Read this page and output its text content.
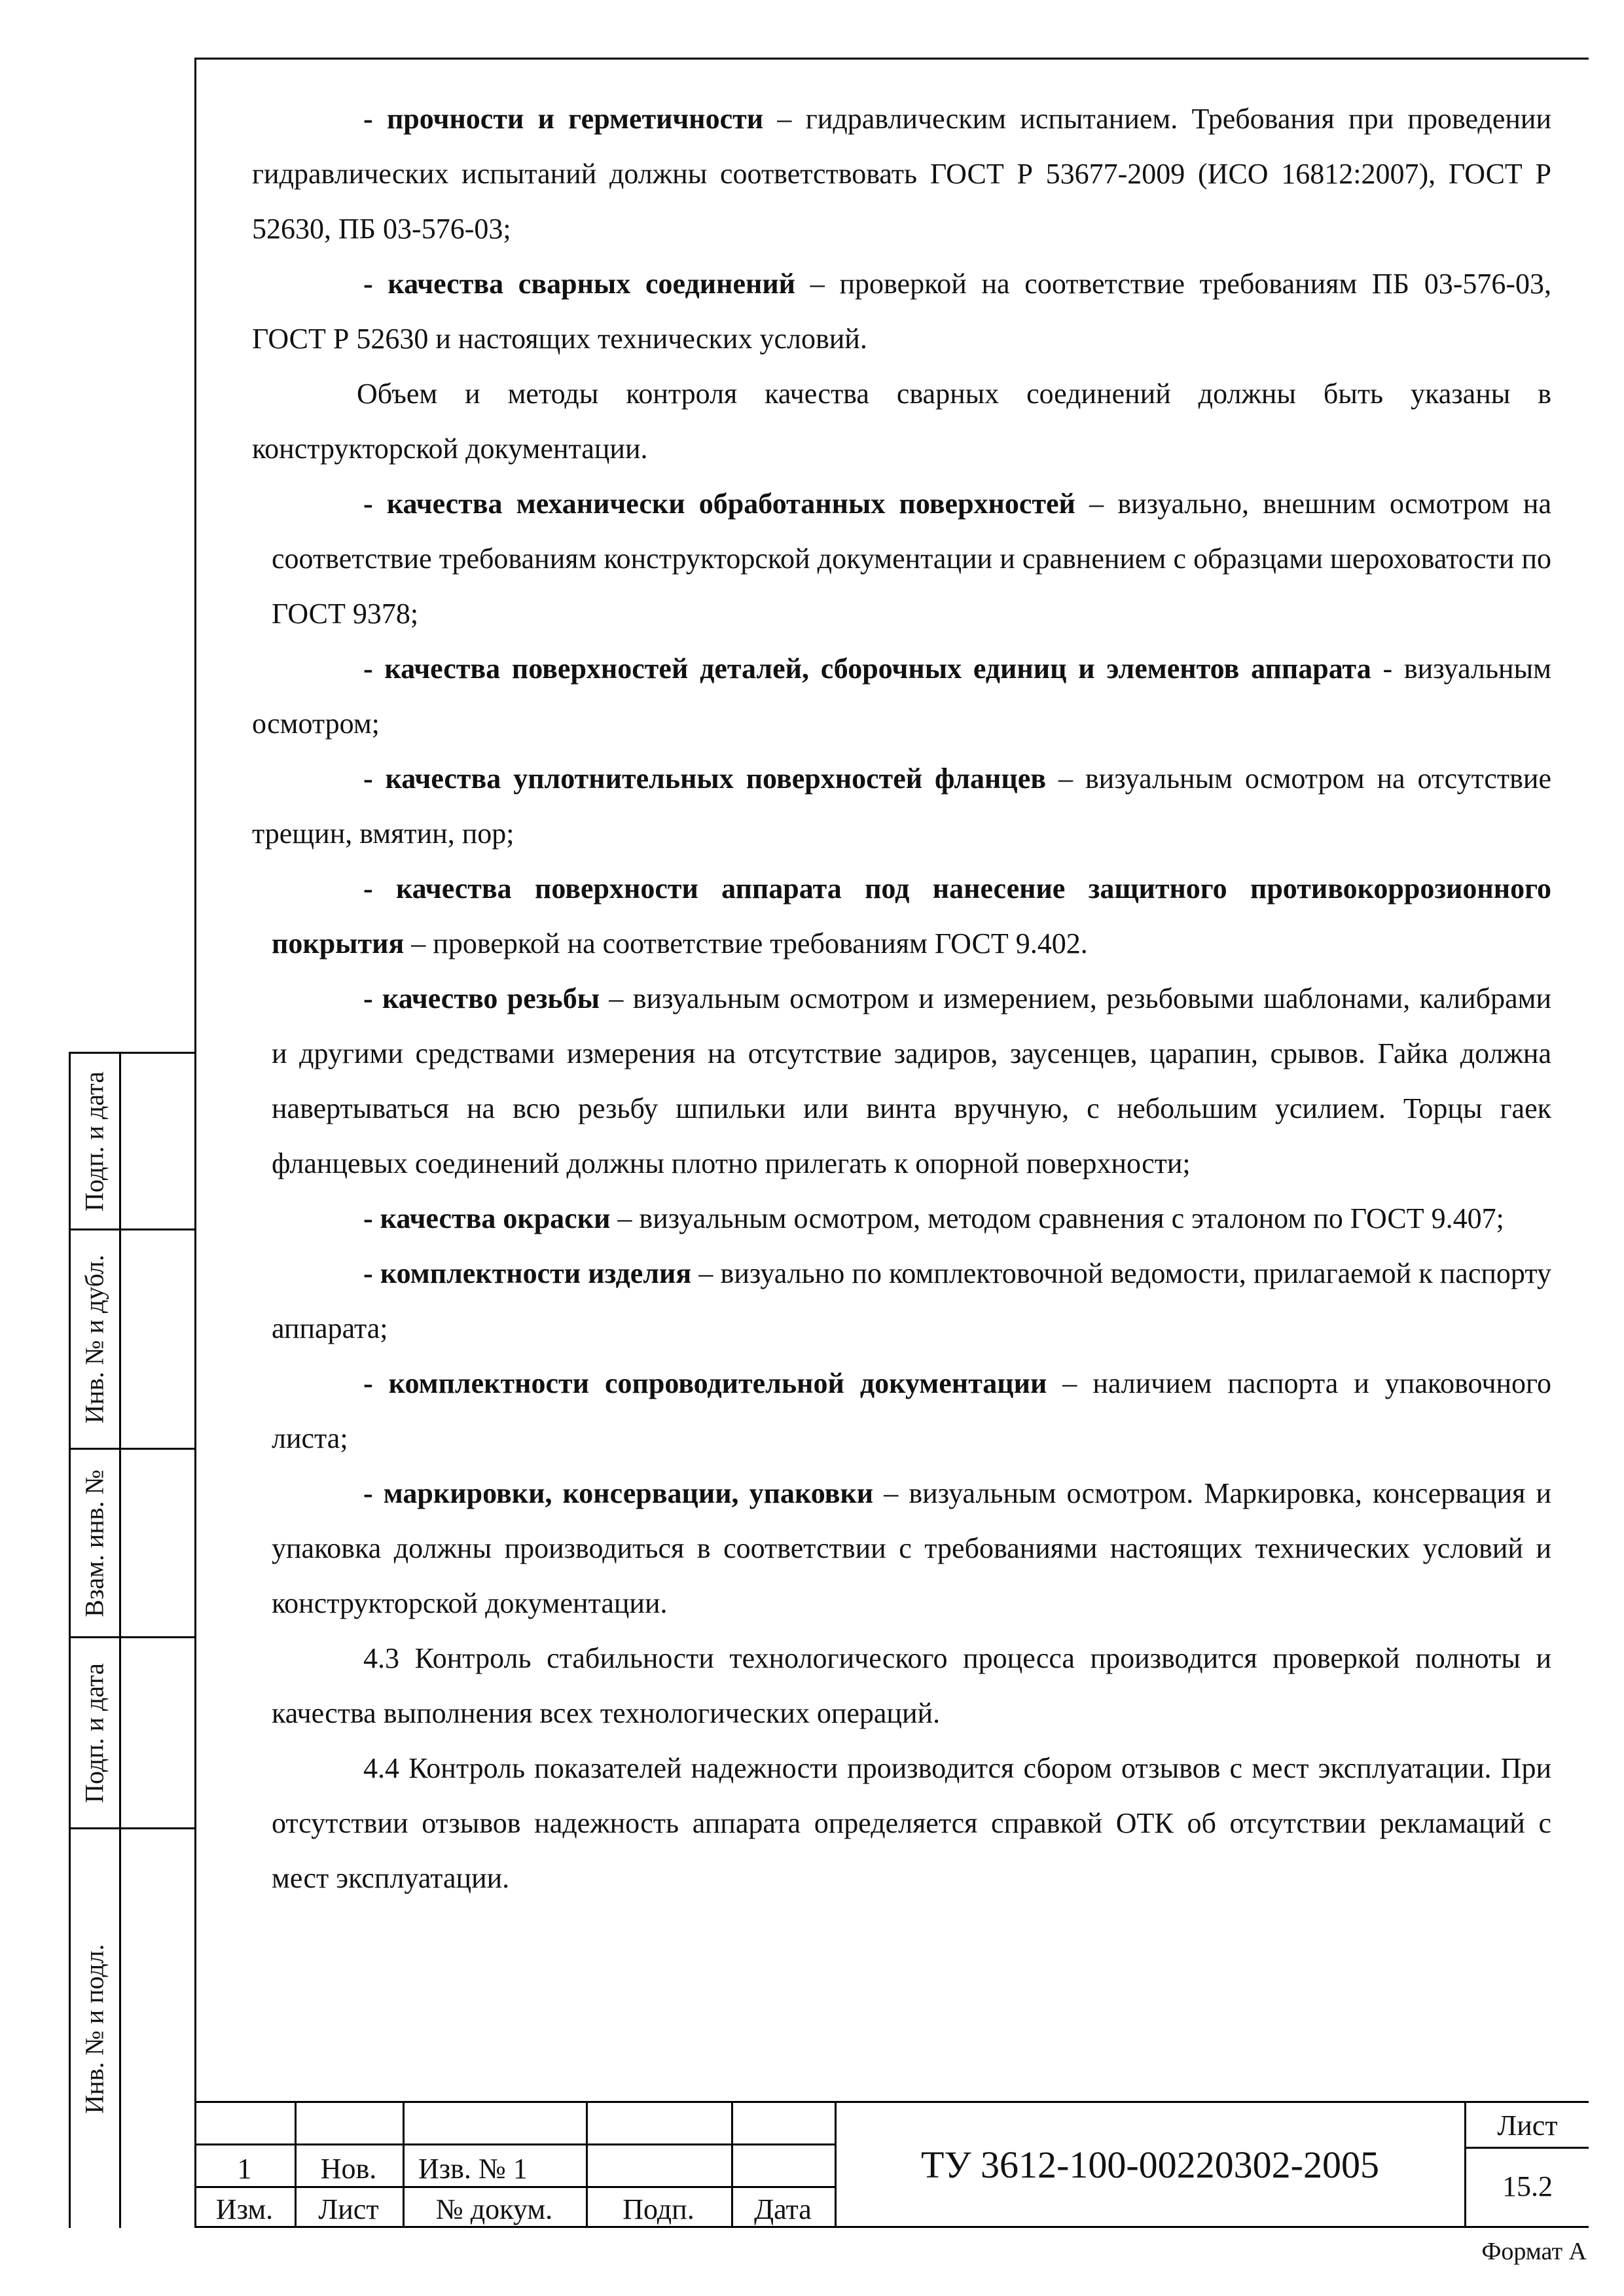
- прочности и герметичности – гидравлическим испытанием. Требования при проведении гидравлических испытаний должны соответствовать ГОСТ Р 53677-2009 (ИСО 16812:2007), ГОСТ Р 52630, ПБ 03-576-03;

- качества сварных соединений – проверкой на соответствие требованиям ПБ 03-576-03, ГОСТ Р 52630 и настоящих технических условий.

Объем и методы контроля качества сварных соединений должны быть указаны в конструкторской документации.

- качества механически обработанных поверхностей – визуально, внешним осмотром на соответствие требованиям конструкторской документации и сравнением с образцами шероховатости по ГОСТ 9378;

- качества поверхностей деталей, сборочных единиц и элементов аппарата - визуальным осмотром;

- качества уплотнительных поверхностей фланцев – визуальным осмотром на отсутствие трещин, вмятин, пор;

- качества поверхности аппарата под нанесение защитного противокоррозионного покрытия – проверкой на соответствие требованиям ГОСТ 9.402.

- качество резьбы – визуальным осмотром и измерением, резьбовыми шаблонами, калибрами и другими средствами измерения на отсутствие задиров, заусенцев, царапин, срывов. Гайка должна навертываться на всю резьбу шпильки или винта вручную, с небольшим усилием. Торцы гаек фланцевых соединений должны плотно прилегать к опорной поверхности;

- качества окраски – визуальным осмотром, методом сравнения с эталоном по ГОСТ 9.407;

- комплектности изделия – визуально по комплектовочной ведомости, прилагаемой к паспорту аппарата;

- комплектности сопроводительной документации – наличием паспорта и упаковочного листа;

- маркировки, консервации, упаковки – визуальным осмотром. Маркировка, консервация и упаковка должны производиться в соответствии с требованиями настоящих технических условий и конструкторской документации.

4.3 Контроль стабильности технологического процесса производится проверкой полноты и качества выполнения всех технологических операций.

4.4 Контроль показателей надежности производится сбором отзывов с мест эксплуатации. При отсутствии отзывов надежность аппарата определяется справкой ОТК об отсутствии рекламаций с мест эксплуатации.

Подп. и дата
Инв. № и дубл.
Взам. инв. №
Подп. и дата
Инв. № и подл.
1	Нов.	Изв. № 1
Изм.	Лист	№ докум.	Подп.	Дата
ТУ 3612-100-00220302-2005
Лист
15.2
Формат А
